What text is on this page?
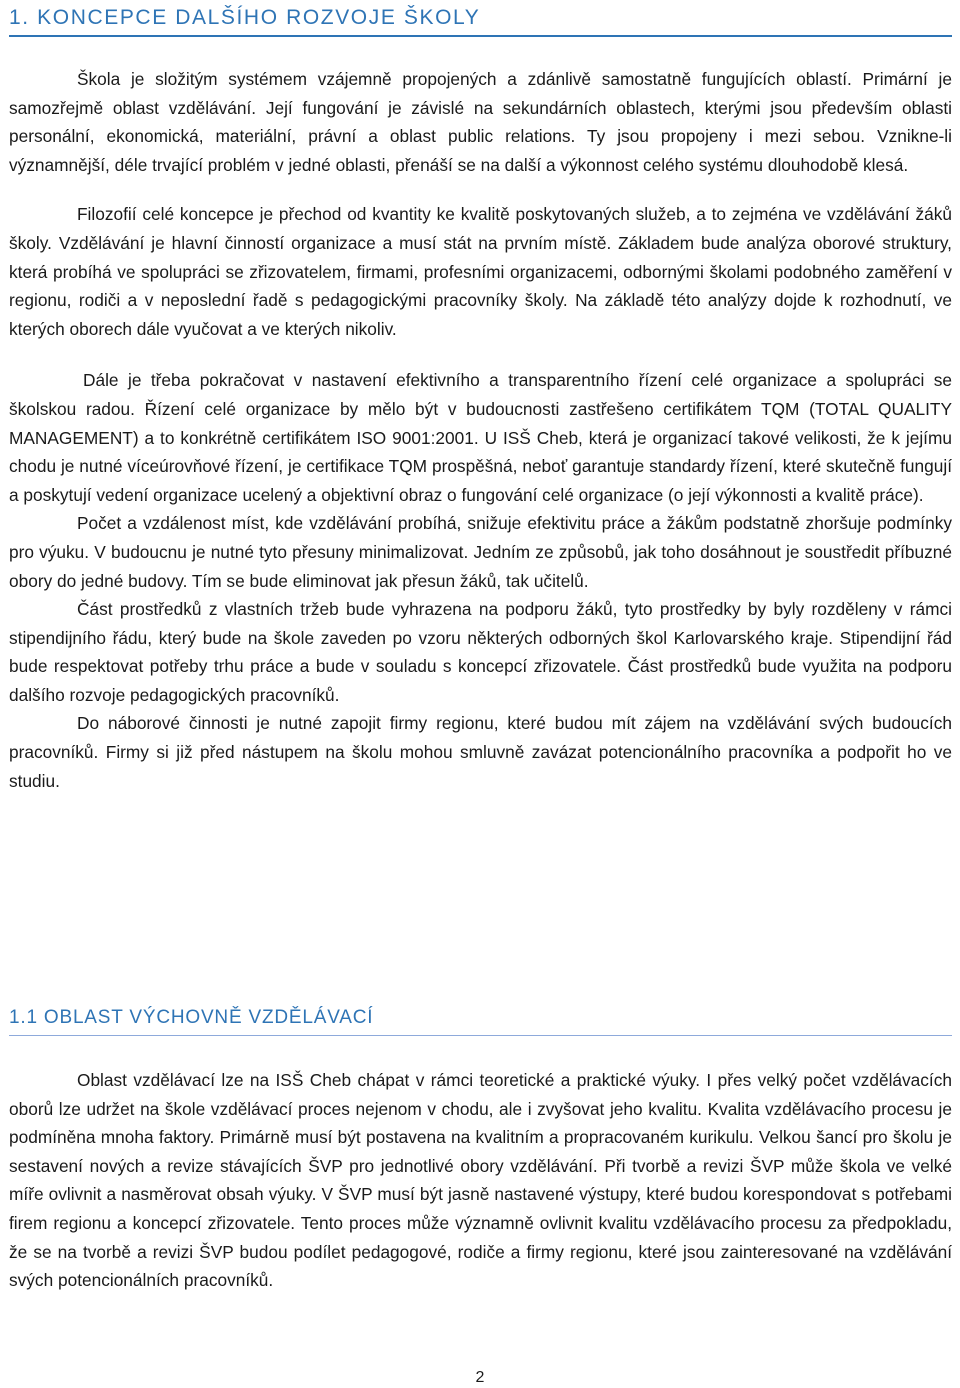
1. KONCEPCE DALŠÍHO ROZVOJE ŠKOLY

Škola je složitým systémem vzájemně propojených a zdánlivě samostatně fungujících oblastí. Primární je samozřejmě oblast vzdělávání. Její fungování je závislé na sekundárních oblastech, kterými jsou především oblasti personální, ekonomická, materiální, právní a oblast public relations. Ty jsou propojeny i mezi sebou. Vznikne-li významnější, déle trvající problém v jedné oblasti, přenáší se na další a výkonnost celého systému dlouhodobě klesá.

Filozofií celé koncepce je přechod od kvantity ke kvalitě poskytovaných služeb, a to zejména ve vzdělávání žáků školy. Vzdělávání je hlavní činností organizace a musí stát na prvním místě. Základem bude analýza oborové struktury, která probíhá ve spolupráci se zřizovatelem, firmami, profesními organizacemi, odbornými školami podobného zaměření v regionu, rodiči a v neposlední řadě s pedagogickými pracovníky školy. Na základě této analýzy dojde k rozhodnutí, ve kterých oborech dále vyučovat a ve kterých nikoliv.

Dále je třeba pokračovat v nastavení efektivního a transparentního řízení celé organizace a spolupráci se školskou radou. Řízení celé organizace by mělo být v budoucnosti zastřešeno certifikátem TQM (TOTAL QUALITY MANAGEMENT) a to konkrétně certifikátem ISO 9001:2001. U ISŠ Cheb, která je organizací takové velikosti, že k jejímu chodu je nutné víceúrovňové řízení, je certifikace TQM prospěšná, neboť garantuje standardy řízení, které skutečně fungují a poskytují vedení organizace ucelený a objektivní obraz o fungování celé organizace (o její výkonnosti a kvalitě práce).

Počet a vzdálenost míst, kde vzdělávání probíhá, snižuje efektivitu práce a žákům podstatně zhoršuje podmínky pro výuku. V budoucnu je nutné tyto přesuny minimalizovat. Jedním ze způsobů, jak toho dosáhnout je soustředit příbuzné obory do jedné budovy. Tím se bude eliminovat jak přesun žáků, tak učitelů.

Část prostředků z vlastních tržeb bude vyhrazena na podporu žáků, tyto prostředky by byly rozděleny v rámci stipendijního řádu, který bude na škole zaveden po vzoru některých odborných škol Karlovarského kraje. Stipendijní řád bude respektovat potřeby trhu práce a bude v souladu s koncepcí zřizovatele. Část prostředků bude využita na podporu dalšího rozvoje pedagogických pracovníků.

Do náborové činnosti je nutné zapojit firmy regionu, které budou mít zájem na vzdělávání svých budoucích pracovníků. Firmy si již před nástupem na školu mohou smluvně zavázat potencionálního pracovníka a podpořit ho ve studiu.

1.1 OBLAST VÝCHOVNĚ VZDĚLÁVACÍ

Oblast vzdělávací lze na ISŠ Cheb chápat v rámci teoretické a praktické výuky. I přes velký počet vzdělávacích oborů lze udržet na škole vzdělávací proces nejenom v chodu, ale i zvyšovat jeho kvalitu. Kvalita vzdělávacího procesu je podmíněna mnoha faktory. Primárně musí být postavena na kvalitním a propracovaném kurikulu. Velkou šancí pro školu je sestavení nových a revize stávajících ŠVP pro jednotlivé obory vzdělávání. Při tvorbě a revizi ŠVP může škola ve velké míře ovlivnit a nasměrovat obsah výuky. V ŠVP musí být jasně nastavené výstupy, které budou korespondovat s potřebami firem regionu a koncepcí zřizovatele. Tento proces může významně ovlivnit kvalitu vzdělávacího procesu za předpokladu, že se na tvorbě a revizi ŠVP budou podílet pedagogové, rodiče a firmy regionu, které jsou zainteresované na vzdělávání svých potencionálních pracovníků.

2
